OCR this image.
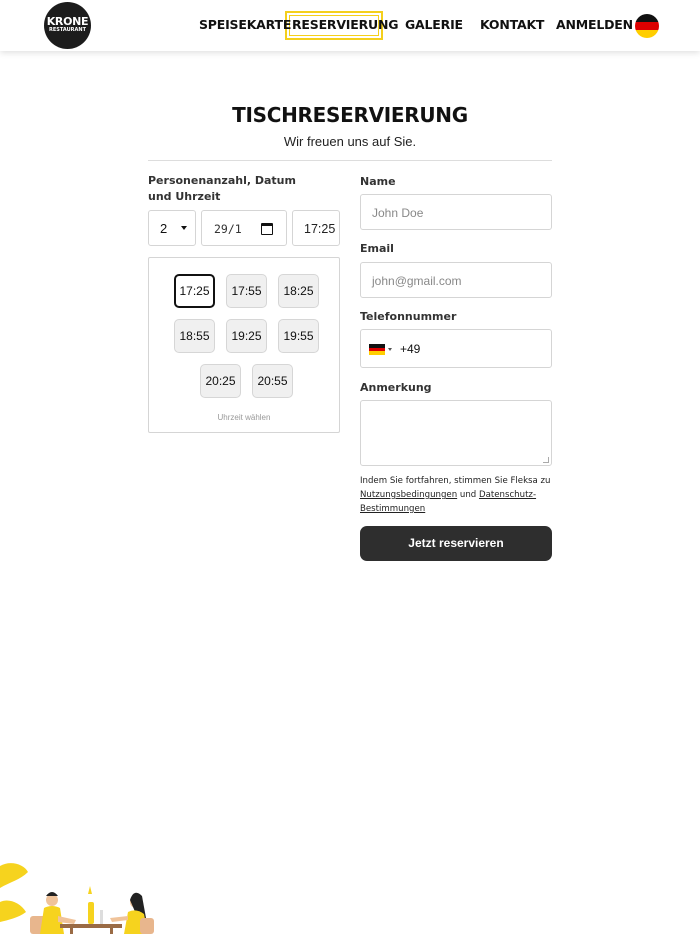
KRONE
RESTAURANT	SPEISEKARTE RESERVIERUNG GALERIE KONTAKT ANMELDEN
TISCHRESERVIERUNG

Wir freuen uns auf Sie.

Personenanzahl, Datum und Uhrzeit
2	29/1	17:25
17:25	17:55	18:25
18:55	19:25	19:55
20:25	20:55
Uhrzeit wählen
Name
John Doe
Email
john@gmail.com
Telefonnummer
+49
Anmerkung

Indem Sie fortfahren, stimmen Sie Fleksa zu Nutzungsbedingungen und Datenschutz-Bestimmungen

Jetzt reservieren
